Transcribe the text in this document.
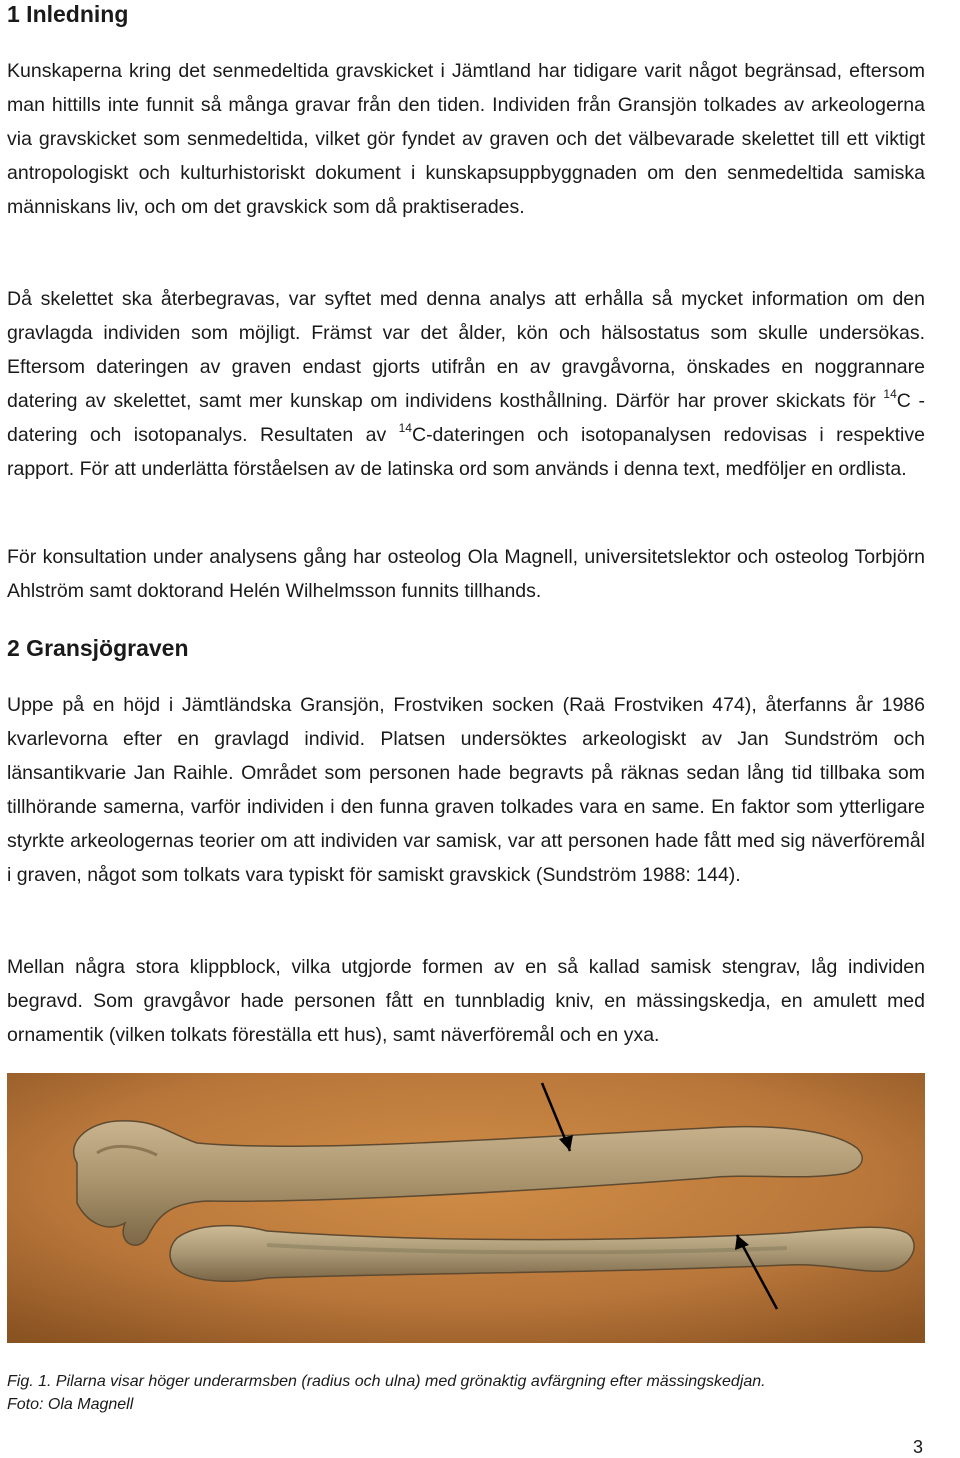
1 Inledning

Kunskaperna kring det senmedeltida gravskicket i Jämtland har tidigare varit något begränsad, eftersom man hittills inte funnit så många gravar från den tiden. Individen från Gransjön tolkades av arkeologerna via gravskicket som senmedeltida, vilket gör fyndet av graven och det välbevarade skelettet till ett viktigt antropologiskt och kulturhistoriskt dokument i kunskapsuppbyggnaden om den senmedeltida samiska människans liv, och om det gravskick som då praktiserades.

Då skelettet ska återbegravas, var syftet med denna analys att erhålla så mycket information om den gravlagda individen som möjligt. Främst var det ålder, kön och hälsostatus som skulle undersökas. Eftersom dateringen av graven endast gjorts utifrån en av gravgåvorna, önskades en noggrannare datering av skelettet, samt mer kunskap om individens kosthållning. Därför har prover skickats för $^{14}$C -datering och isotopanalys. Resultaten av $^{14}$C-dateringen och isotopanalysen redovisas i respektive rapport. För att underlätta förståelsen av de latinska ord som används i denna text, medföljer en ordlista.

För konsultation under analysens gång har osteolog Ola Magnell, universitetslektor och osteolog Torbjörn Ahlström samt doktorand Helén Wilhelmsson funnits tillhands.

2 Gransjögraven

Uppe på en höjd i Jämtländska Gransjön, Frostviken socken (Raä Frostviken 474), återfanns år 1986 kvarlevorna efter en gravlagd individ. Platsen undersöktes arkeologiskt av Jan Sundström och länsantikvarie Jan Raihle. Området som personen hade begravts på räknas sedan lång tid tillbaka som tillhörande samerna, varför individen i den funna graven tolkades vara en same. En faktor som ytterligare styrkte arkeologernas teorier om att individen var samisk, var att personen hade fått med sig näverföremål i graven, något som tolkats vara typiskt för samiskt gravskick (Sundström 1988: 144).

Mellan några stora klippblock, vilka utgjorde formen av en så kallad samisk stengrav, låg individen begravd. Som gravgåvor hade personen fått en tunnbladig kniv, en mässingskedja, en amulett med ornamentik (vilken tolkats föreställa ett hus), samt näverföremål och en yxa.

Fig. 1. Pilarna visar höger underarmsben (radius och ulna) med grönaktig avfärgning efter mässingskedjan.
Foto: Ola Magnell
3
